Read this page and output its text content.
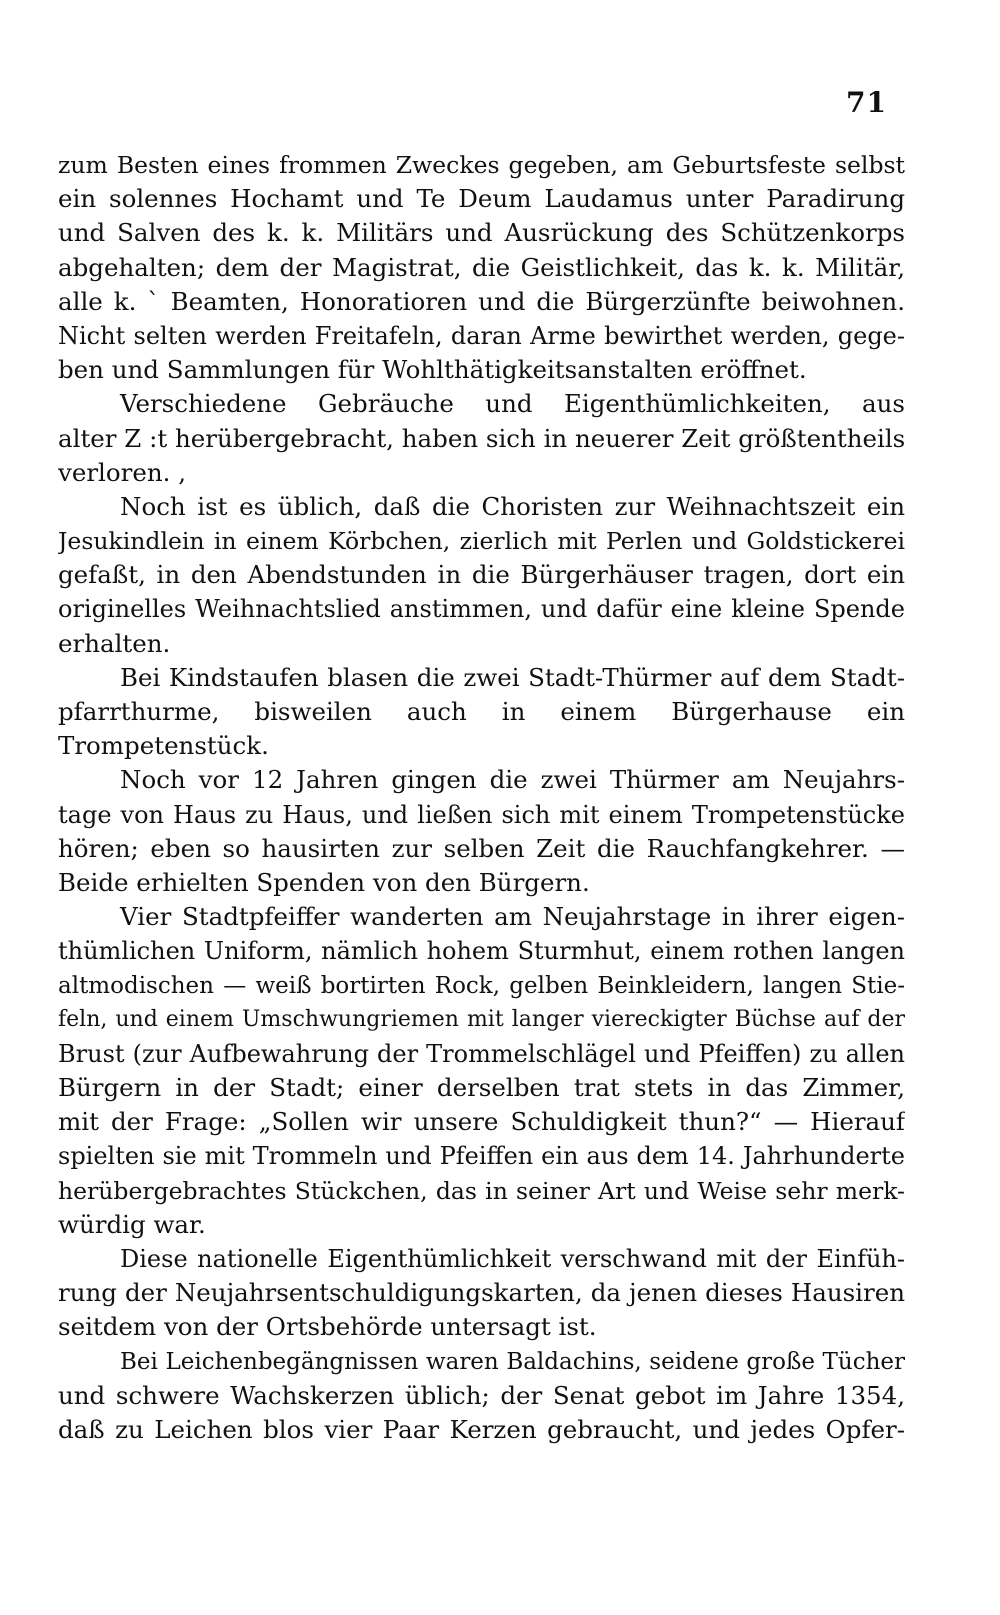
71
zum Besten eines frommen Zweckes gegeben, am Geburtsfeste selbst
ein solennes Hochamt und Te Deum Laudamus unter Paradirung
und Salven des k. k. Militärs und Ausrückung des Schützenkorps
abgehalten; dem der Magistrat, die Geistlichkeit, das k. k. Militär,
alle k. ` Beamten, Honoratioren und die Bürgerzünfte beiwohnen.
Nicht selten werden Freitafeln, daran Arme bewirthet werden, gege-
ben und Sammlungen für Wohlthätigkeitsanstalten eröffnet.
Verschiedene Gebräuche und Eigenthümlichkeiten, aus
alter Z :t herübergebracht, haben sich in neuerer Zeit größtentheils
verloren. ,
Noch ist es üblich, daß die Choristen zur Weihnachtszeit ein
Jesukindlein in einem Körbchen, zierlich mit Perlen und Goldstickerei
gefaßt, in den Abendstunden in die Bürgerhäuser tragen, dort ein
originelles Weihnachtslied anstimmen, und dafür eine kleine Spende
erhalten.
Bei Kindstaufen blasen die zwei Stadt-Thürmer auf dem Stadt-
pfarrthurme, bisweilen auch in einem Bürgerhause ein
Trompetenstück.
Noch vor 12 Jahren gingen die zwei Thürmer am Neujahrs-
tage von Haus zu Haus, und ließen sich mit einem Trompetenstücke
hören; eben so hausirten zur selben Zeit die Rauchfangkehrer. —
Beide erhielten Spenden von den Bürgern.
Vier Stadtpfeiffer wanderten am Neujahrstage in ihrer eigen-
thümlichen Uniform, nämlich hohem Sturmhut, einem rothen langen
altmodischen — weiß bortirten Rock, gelben Beinkleidern, langen Stie-
feln, und einem Umschwungriemen mit langer viereckigter Büchse auf der
Brust (zur Aufbewahrung der Trommelschlägel und Pfeiffen) zu allen
Bürgern in der Stadt; einer derselben trat stets in das Zimmer,
mit der Frage: „Sollen wir unsere Schuldigkeit thun?“ — Hierauf
spielten sie mit Trommeln und Pfeiffen ein aus dem 14. Jahrhunderte
herübergebrachtes Stückchen, das in seiner Art und Weise sehr merk-
würdig war.
Diese nationelle Eigenthümlichkeit verschwand mit der Einfüh-
rung der Neujahrsentschuldigungskarten, da jenen dieses Hausiren
seitdem von der Ortsbehörde untersagt ist.
Bei Leichenbegängnissen waren Baldachins, seidene große Tücher
und schwere Wachskerzen üblich; der Senat gebot im Jahre 1354,
daß zu Leichen blos vier Paar Kerzen gebraucht, und jedes Opfer-
